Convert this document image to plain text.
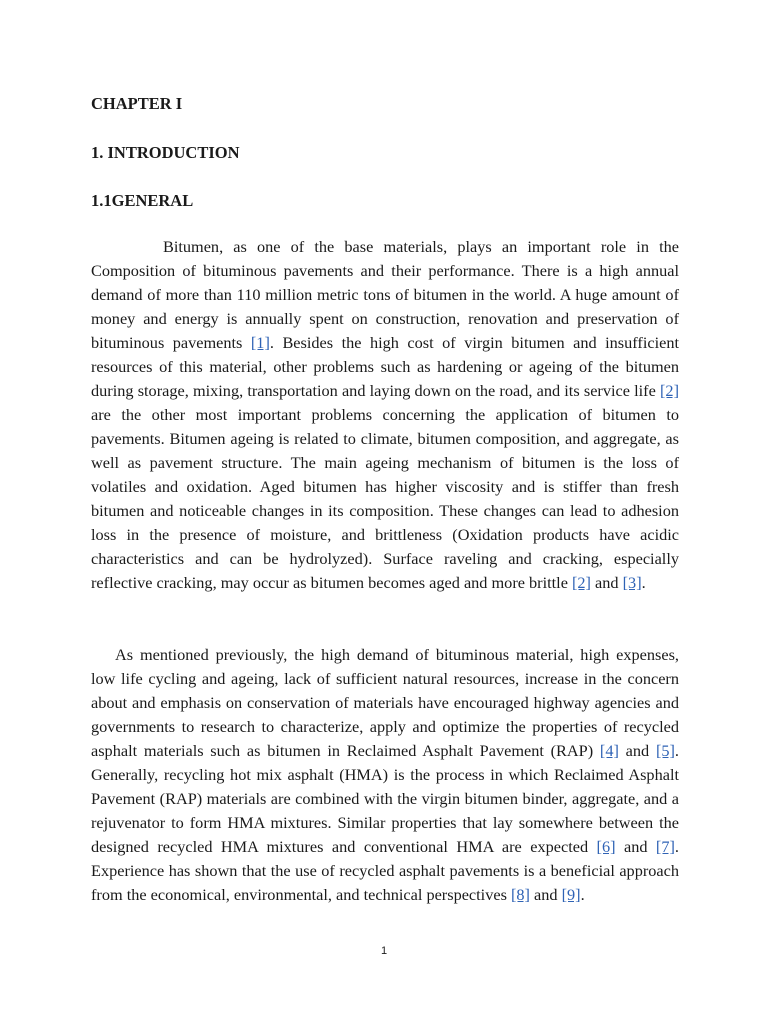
CHAPTER I
1. INTRODUCTION
1.1GENERAL

Bitumen, as one of the base materials, plays an important role in the Composition of bituminous pavements and their performance. There is a high annual demand of more than 110 million metric tons of bitumen in the world. A huge amount of money and energy is annually spent on construction, renovation and preservation of bituminous pavements [1]. Besides the high cost of virgin bitumen and insufficient resources of this material, other problems such as hardening or ageing of the bitumen during storage, mixing, transportation and laying down on the road, and its service life [2] are the other most important problems concerning the application of bitumen to pavements. Bitumen ageing is related to climate, bitumen composition, and aggregate, as well as pavement structure. The main ageing mechanism of bitumen is the loss of volatiles and oxidation. Aged bitumen has higher viscosity and is stiffer than fresh bitumen and noticeable changes in its composition. These changes can lead to adhesion loss in the presence of moisture, and brittleness (Oxidation products have acidic characteristics and can be hydrolyzed). Surface raveling and cracking, especially reflective cracking, may occur as bitumen becomes aged and more brittle [2] and [3].

As mentioned previously, the high demand of bituminous material, high expenses, low life cycling and ageing, lack of sufficient natural resources, increase in the concern about and emphasis on conservation of materials have encouraged highway agencies and governments to research to characterize, apply and optimize the properties of recycled asphalt materials such as bitumen in Reclaimed Asphalt Pavement (RAP) [4] and [5]. Generally, recycling hot mix asphalt (HMA) is the process in which Reclaimed Asphalt Pavement (RAP) materials are combined with the virgin bitumen binder, aggregate, and a rejuvenator to form HMA mixtures. Similar properties that lay somewhere between the designed recycled HMA mixtures and conventional HMA are expected [6] and [7]. Experience has shown that the use of recycled asphalt pavements is a beneficial approach from the economical, environmental, and technical perspectives [8] and [9].

1
